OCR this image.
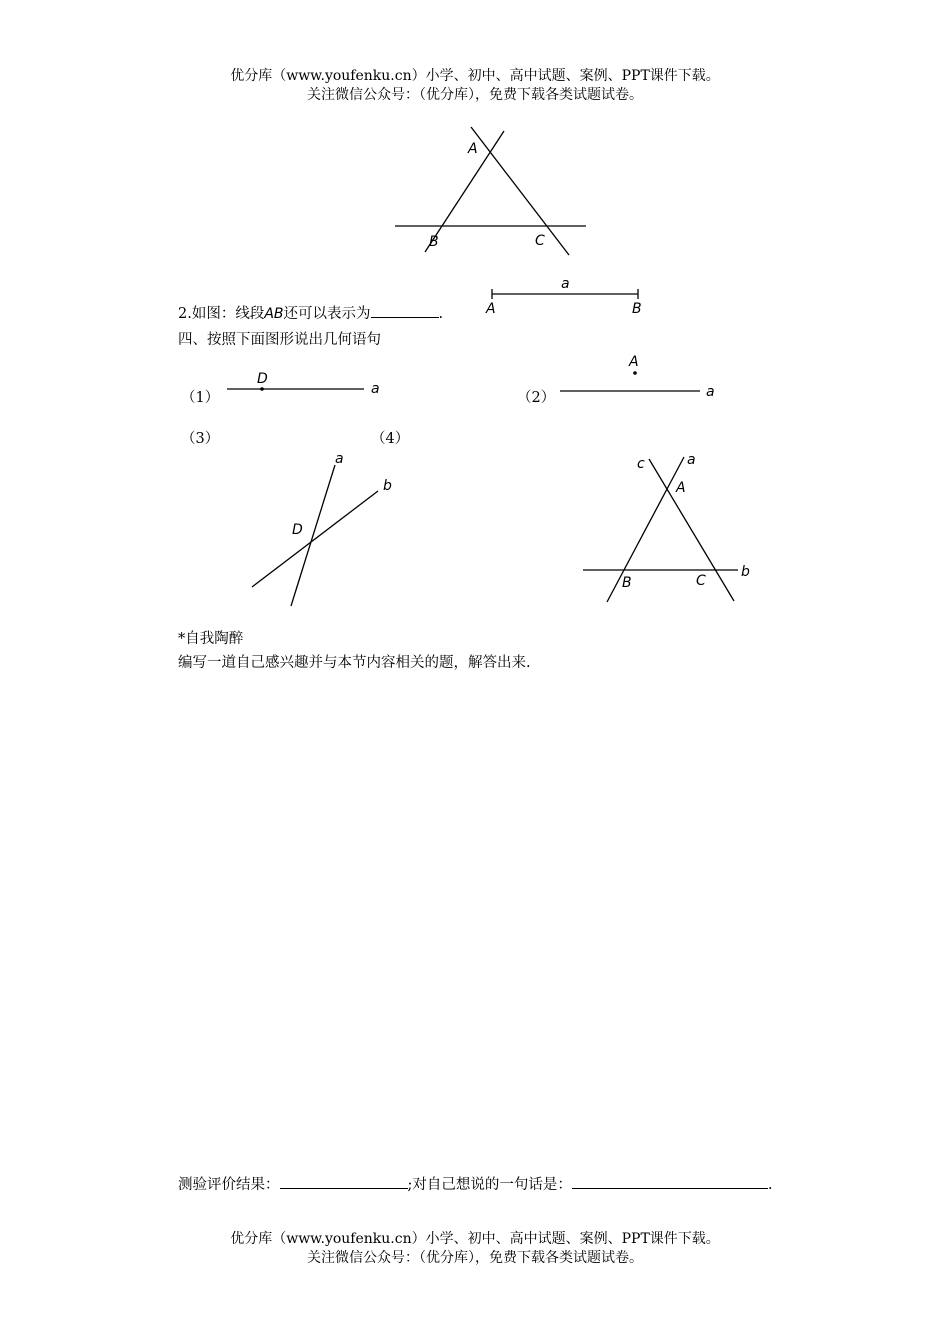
优分库（www.youfenku.cn）小学、初中、高中试题、案例、PPT课件下载。
关注微信公众号：（优分库），免费下载各类试题试卷。
A
B	C
2.如图：线段AB还可以表示为	.
a
A	B
四、按照下面图形说出几何语句
（1）
D
a
（2）
A
a
（3）	（4）
a
b
D
c	a
A
B	C
b
*自我陶醉
编写一道自己感兴趣并与本节内容相关的题，解答出来.
测验评价结果：	;对自己想说的一句话是：	.
优分库（www.youfenku.cn）小学、初中、高中试题、案例、PPT课件下载。
关注微信公众号：（优分库），免费下载各类试题试卷。
